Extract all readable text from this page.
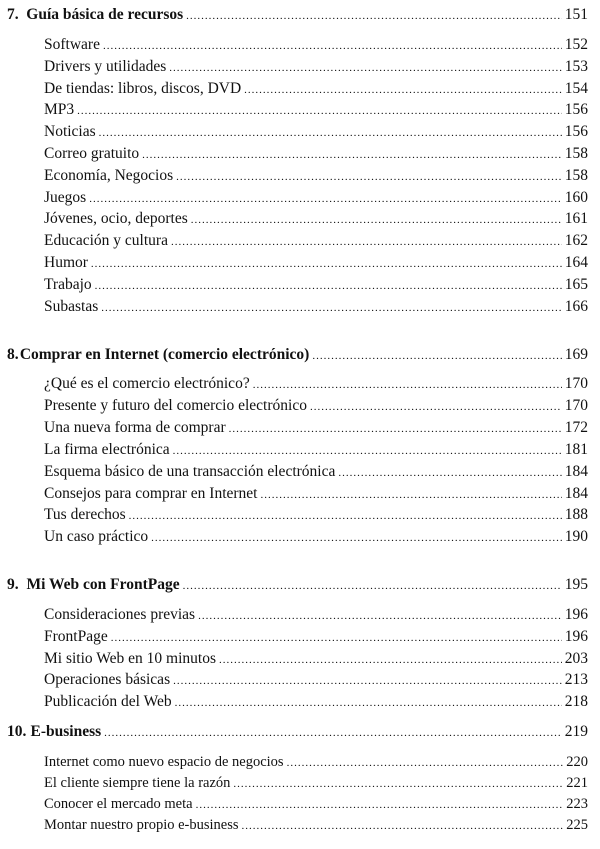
7. Guía básica de recursos .....	151
Software .....	152
Drivers y utilidades .....	153
De tiendas: libros, discos, DVD .....	154
MP3 .....	156
Noticias .....	156
Correo gratuito .....	158
Economía, Negocios .....	158
Juegos .....	160
Jóvenes, ocio, deportes .....	161
Educación y cultura .....	162
Humor .....	164
Trabajo .....	165
Subastas .....	166
8. Comprar en Internet (comercio electrónico) .....	169
¿Qué es el comercio electrónico? .....	170
Presente y futuro del comercio electrónico .....	170
Una nueva forma de comprar .....	172
La firma electrónica .....	181
Esquema básico de una transacción electrónica .....	184
Consejos para comprar en Internet .....	184
Tus derechos .....	188
Un caso práctico .....	190
9. Mi Web con FrontPage .....	195
Consideraciones previas .....	196
FrontPage .....	196
Mi sitio Web en 10 minutos .....	203
Operaciones básicas .....	213
Publicación del Web .....	218
10. E-business .....	219
Internet como nuevo espacio de negocios .....	220
El cliente siempre tiene la razón .....	221
Conocer el mercado meta .....	223
Montar nuestro propio e-business .....	225
